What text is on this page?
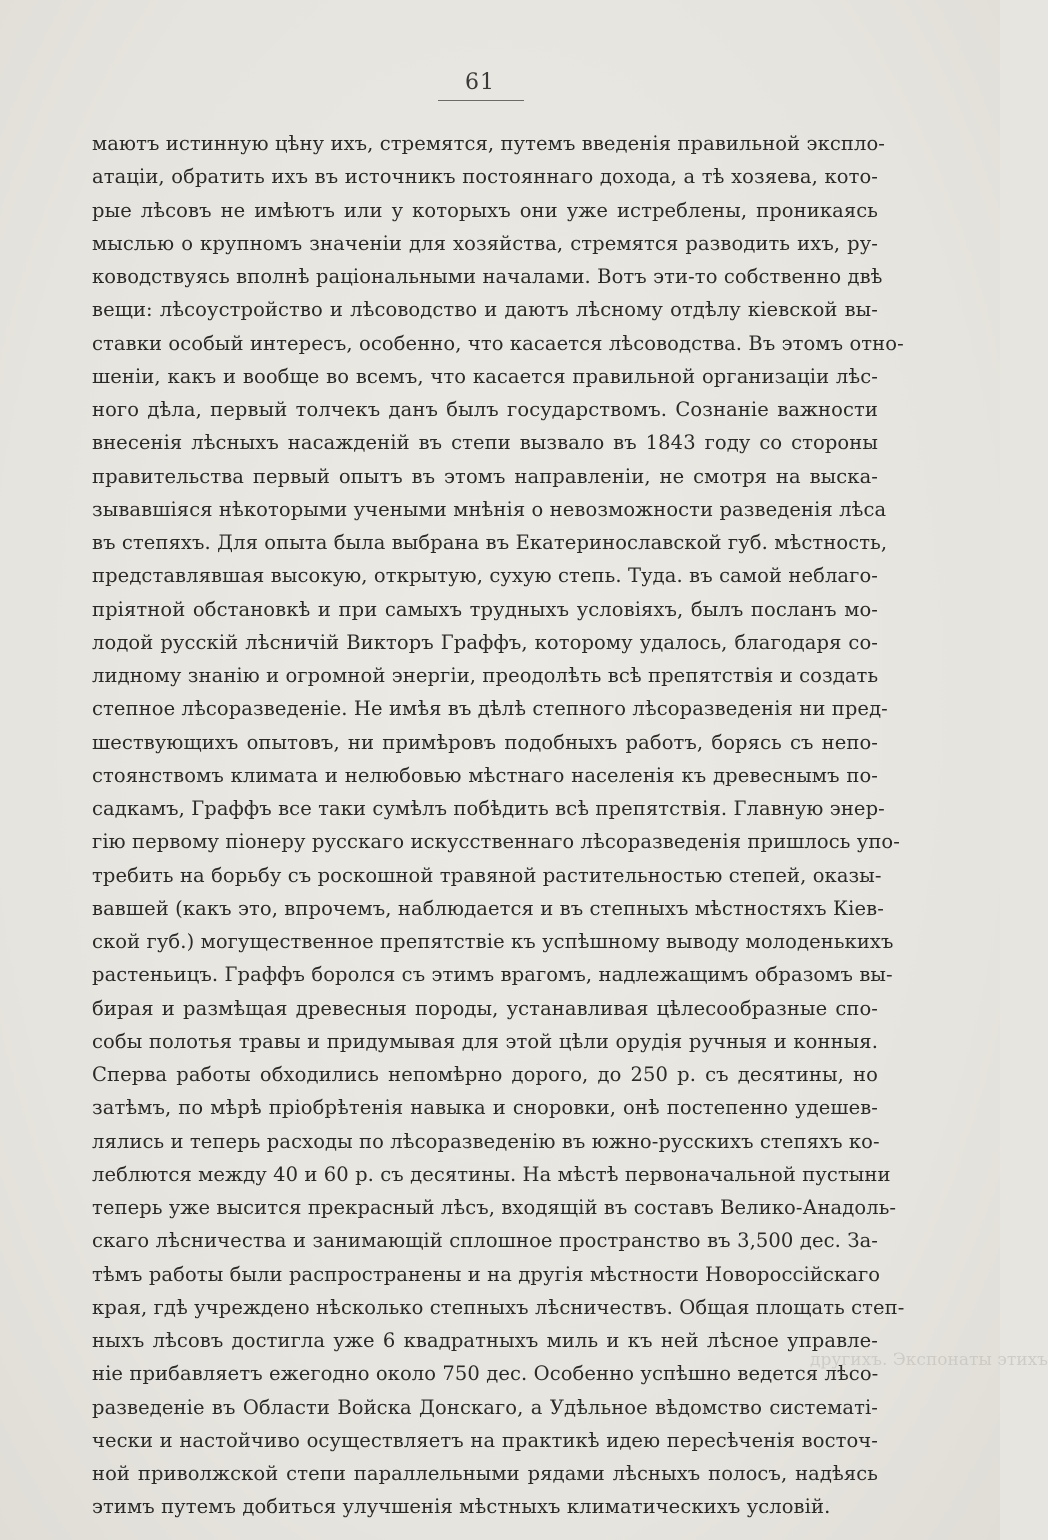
61
маютъ истинную цѣну ихъ, стремятся, путемъ введенія правильной экспло-
атаціи, обратить ихъ въ источникъ постояннаго дохода, а тѣ хозяева, кото-
рые лѣсовъ не имѣютъ или у которыхъ они уже истреблены, проникаясь
мыслью о крупномъ значеніи для хозяйства, стремятся разводить ихъ, ру-
ководствуясь вполнѣ раціональными началами. Вотъ эти-то собственно двѣ
вещи: лѣсоустройство и лѣсоводство и даютъ лѣсному отдѣлу кіевской вы-
ставки особый интересъ, особенно, что касается лѣсоводства. Въ этомъ отно-
шеніи, какъ и вообще во всемъ, что касается правильной организаціи лѣс-
ного дѣла, первый толчекъ данъ былъ государствомъ. Сознаніе важности
внесенія лѣсныхъ насажденій въ степи вызвало въ 1843 году со стороны
правительства первый опытъ въ этомъ направленіи, не смотря на выска-
зывавшіяся нѣкоторыми учеными мнѣнія о невозможности разведенія лѣса
въ степяхъ. Для опыта была выбрана въ Екатеринославской губ. мѣстность,
представлявшая высокую, открытую, сухую степь. Туда. въ самой неблаго-
пріятной обстановкѣ и при самыхъ трудныхъ условіяхъ, былъ посланъ мо-
лодой русскій лѣсничій Викторъ Граффъ, которому удалось, благодаря со-
лидному знанію и огромной энергіи, преодолѣть всѣ препятствія и создать
степное лѣсоразведеніе. Не имѣя въ дѣлѣ степного лѣсоразведенія ни пред-
шествующихъ опытовъ, ни примѣровъ подобныхъ работъ, борясь съ непо-
стоянствомъ климата и нелюбовью мѣстнаго населенія къ древеснымъ по-
садкамъ, Граффъ все таки сумѣлъ побѣдить всѣ препятствія. Главную энер-
гію первому піонеру русскаго искусственнаго лѣсоразведенія пришлось упо-
требить на борьбу съ роскошной травяной растительностью степей, оказы-
вавшей (какъ это, впрочемъ, наблюдается и въ степныхъ мѣстностяхъ Кіев-
ской губ.) могущественное препятствіе къ успѣшному выводу молоденькихъ
растеньицъ. Граффъ боролся съ этимъ врагомъ, надлежащимъ образомъ вы-
бирая и размѣщая древесныя породы, устанавливая цѣлесообразные спо-
собы полотья травы и придумывая для этой цѣли орудія ручныя и конныя.
Сперва работы обходились непомѣрно дорого, до 250 р. съ десятины, но
затѣмъ, по мѣрѣ пріобрѣтенія навыка и сноровки, онѣ постепенно удешев-
лялись и теперь расходы по лѣсоразведенію въ южно-русскихъ степяхъ ко-
леблются между 40 и 60 р. съ десятины. На мѣстѣ первоначальной пустыни
теперь уже высится прекрасный лѣсъ, входящій въ составъ Велико-Анадоль-
скаго лѣсничества и занимающій сплошное пространство въ 3,500 дес. За-
тѣмъ работы были распространены и на другія мѣстности Новороссійскаго
края, гдѣ учреждено нѣсколько степныхъ лѣсничествъ. Общая площать степ-
ныхъ лѣсовъ достигла уже 6 квадратныхъ миль и къ ней лѣсное управле-
ніе прибавляетъ ежегодно около 750 дес. Особенно успѣшно ведется лѣсо-
разведеніе въ Области Войска Донскаго, а Удѣльное вѣдомство систематі-
чески и настойчиво осуществляетъ на практикѣ идею пересѣченія восточ-
ной приволжской степи параллельными рядами лѣсныхъ полосъ, надѣясь
этимъ путемъ добиться улучшенія мѣстныхъ климатическихъ условій.
другихъ. Экспонаты этихъ
